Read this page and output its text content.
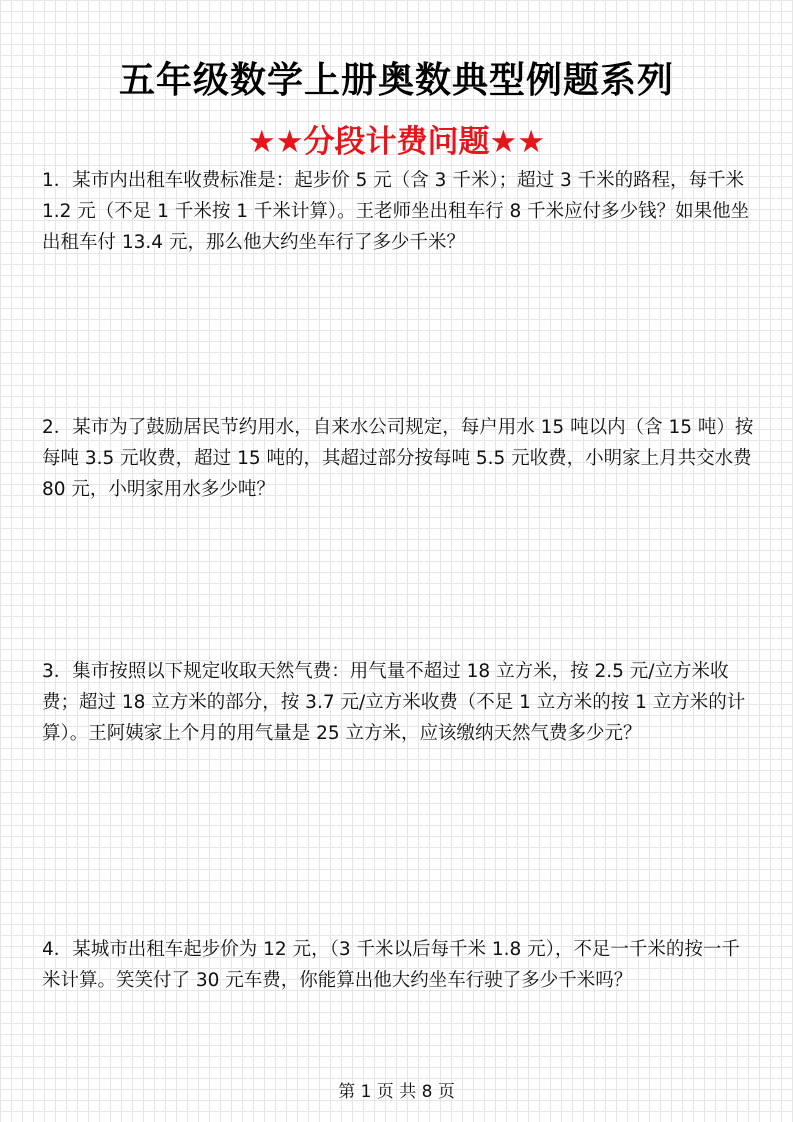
五年级数学上册奥数典型例题系列
★★分段计费问题★★

1．某市内出租车收费标准是：起步价 5 元（含 3 千米）；超过 3 千米的路程，每千米 1.2 元（不足 1 千米按 1 千米计算）。王老师坐出租车行 8 千米应付多少钱？如果他坐出租车付 13.4 元，那么他大约坐车行了多少千米？

2．某市为了鼓励居民节约用水，自来水公司规定，每户用水 15 吨以内（含 15 吨）按每吨 3.5 元收费，超过 15 吨的，其超过部分按每吨 5.5 元收费，小明家上月共交水费 80 元，小明家用水多少吨？

3．集市按照以下规定收取天然气费：用气量不超过 18 立方米，按 2.5 元/立方米收费；超过 18 立方米的部分，按 3.7 元/立方米收费（不足 1 立方米的按 1 立方米的计算）。王阿姨家上个月的用气量是 25 立方米，应该缴纳天然气费多少元？

4．某城市出租车起步价为 12 元，（3 千米以后每千米 1.8 元），不足一千米的按一千米计算。笑笑付了 30 元车费，你能算出他大约坐车行驶了多少千米吗？

第 1 页 共 8 页
